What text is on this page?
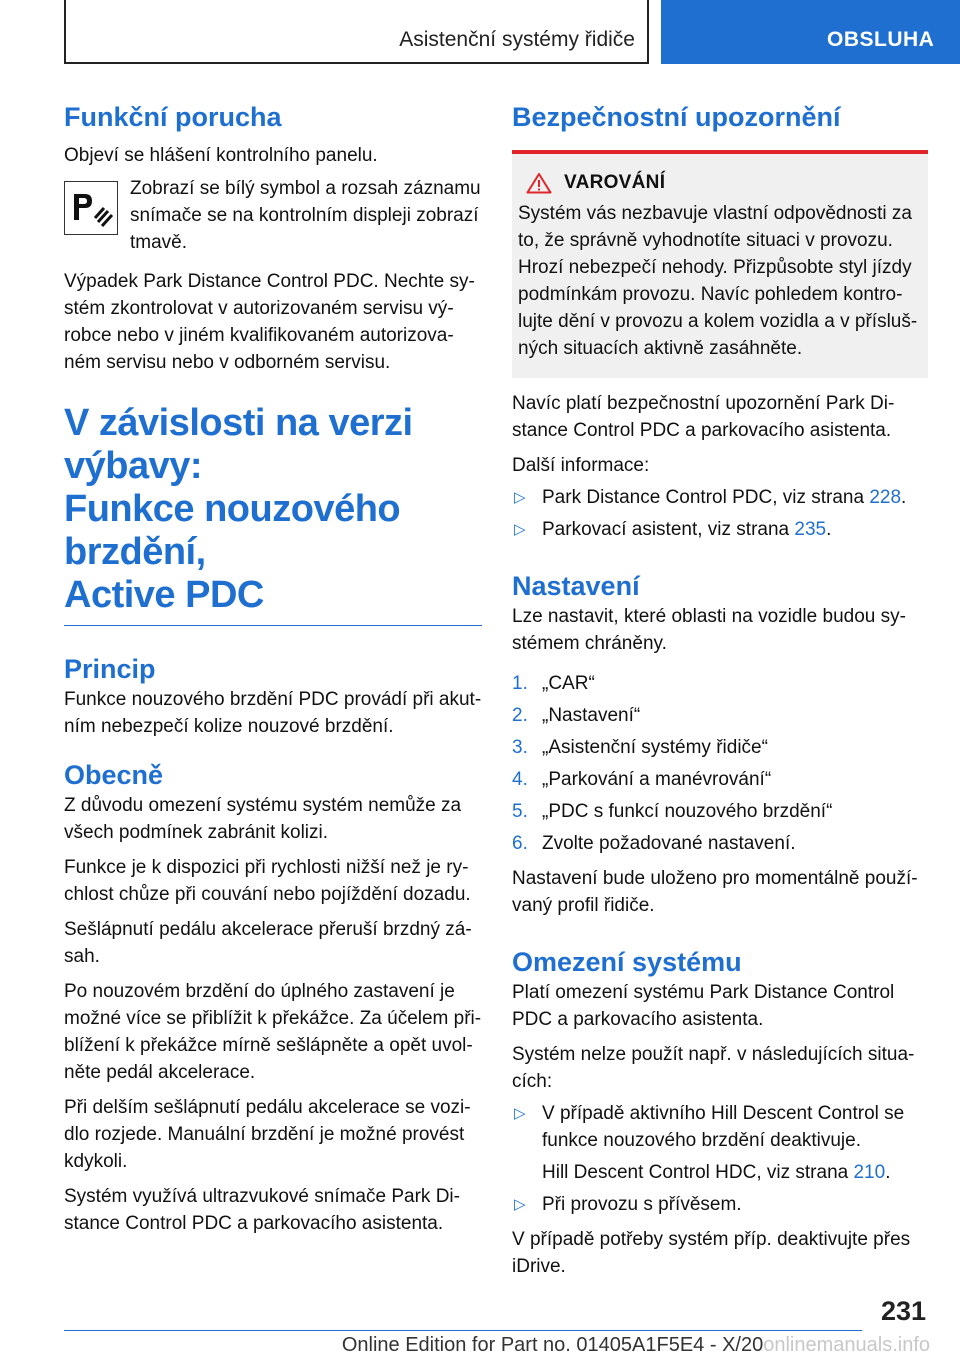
Asistenční systémy řidiče	OBSLUHA
Funkční porucha

Objeví se hlášení kontrolního panelu.

Zobrazí se bílý symbol a rozsah záznamu snímače se na kontrolním displeji zobrazí tmavě.

Výpadek Park Distance Control PDC. Nechte systém zkontrolovat v autorizovaném servisu výrobce nebo v jiném kvalifikovaném autorizovaném servisu nebo v odborném servisu.

V závislosti na verzi výbavy:
Funkce nouzového brzdění,
Active PDC
Princip

Funkce nouzového brzdění PDC provádí při akutním nebezpečí kolize nouzové brzdění.

Obecně

Z důvodu omezení systému systém nemůže za všech podmínek zabránit kolizi.

Funkce je k dispozici při rychlosti nižší než je rychlost chůze při couvání nebo pojíždění dozadu.

Sešlápnutí pedálu akcelerace přeruší brzdný zásah.

Po nouzovém brzdění do úplného zastavení je možné více se přiblížit k překážce. Za účelem přiblížení k překážce mírně sešlápněte a opět uvolněte pedál akcelerace.

Při delším sešlápnutí pedálu akcelerace se vozidlo rozjede. Manuální brzdění je možné provést kdykoli.

Systém využívá ultrazvukové snímače Park Distance Control PDC a parkovacího asistenta.

Bezpečnostní upozornění
VAROVÁNÍ

Systém vás nezbavuje vlastní odpovědnosti za to, že správně vyhodnotíte situaci v provozu. Hrozí nebezpečí nehody. Přizpůsobte styl jízdy podmínkám provozu. Navíc pohledem kontrolujte dění v provozu a kolem vozidla a v příslušných situacích aktivně zasáhněte.

Navíc platí bezpečnostní upozornění Park Distance Control PDC a parkovacího asistenta.

Další informace:

▷ Park Distance Control PDC, viz strana 228.
▷ Parkovací asistent, viz strana 235.
Nastavení

Lze nastavit, které oblasti na vozidle budou systémem chráněny.

1. „CAR“
2. „Nastavení“
3. „Asistenční systémy řidiče“
4. „Parkování a manévrování“
5. „PDC s funkcí nouzového brzdění“
6. Zvolte požadované nastavení.

Nastavení bude uloženo pro momentálně používaný profil řidiče.

Omezení systému

Platí omezení systému Park Distance Control PDC a parkovacího asistenta.

Systém nelze použít např. v následujících situacích:

▷ V případě aktivního Hill Descent Control se funkce nouzového brzdění deaktivuje.

Hill Descent Control HDC, viz strana 210.

▷ Při provozu s přívěsem.

V případě potřeby systém příp. deaktivujte přes iDrive.

231
Online Edition for Part no. 01405A1F5E4 - X/20onlinemanuals.info
